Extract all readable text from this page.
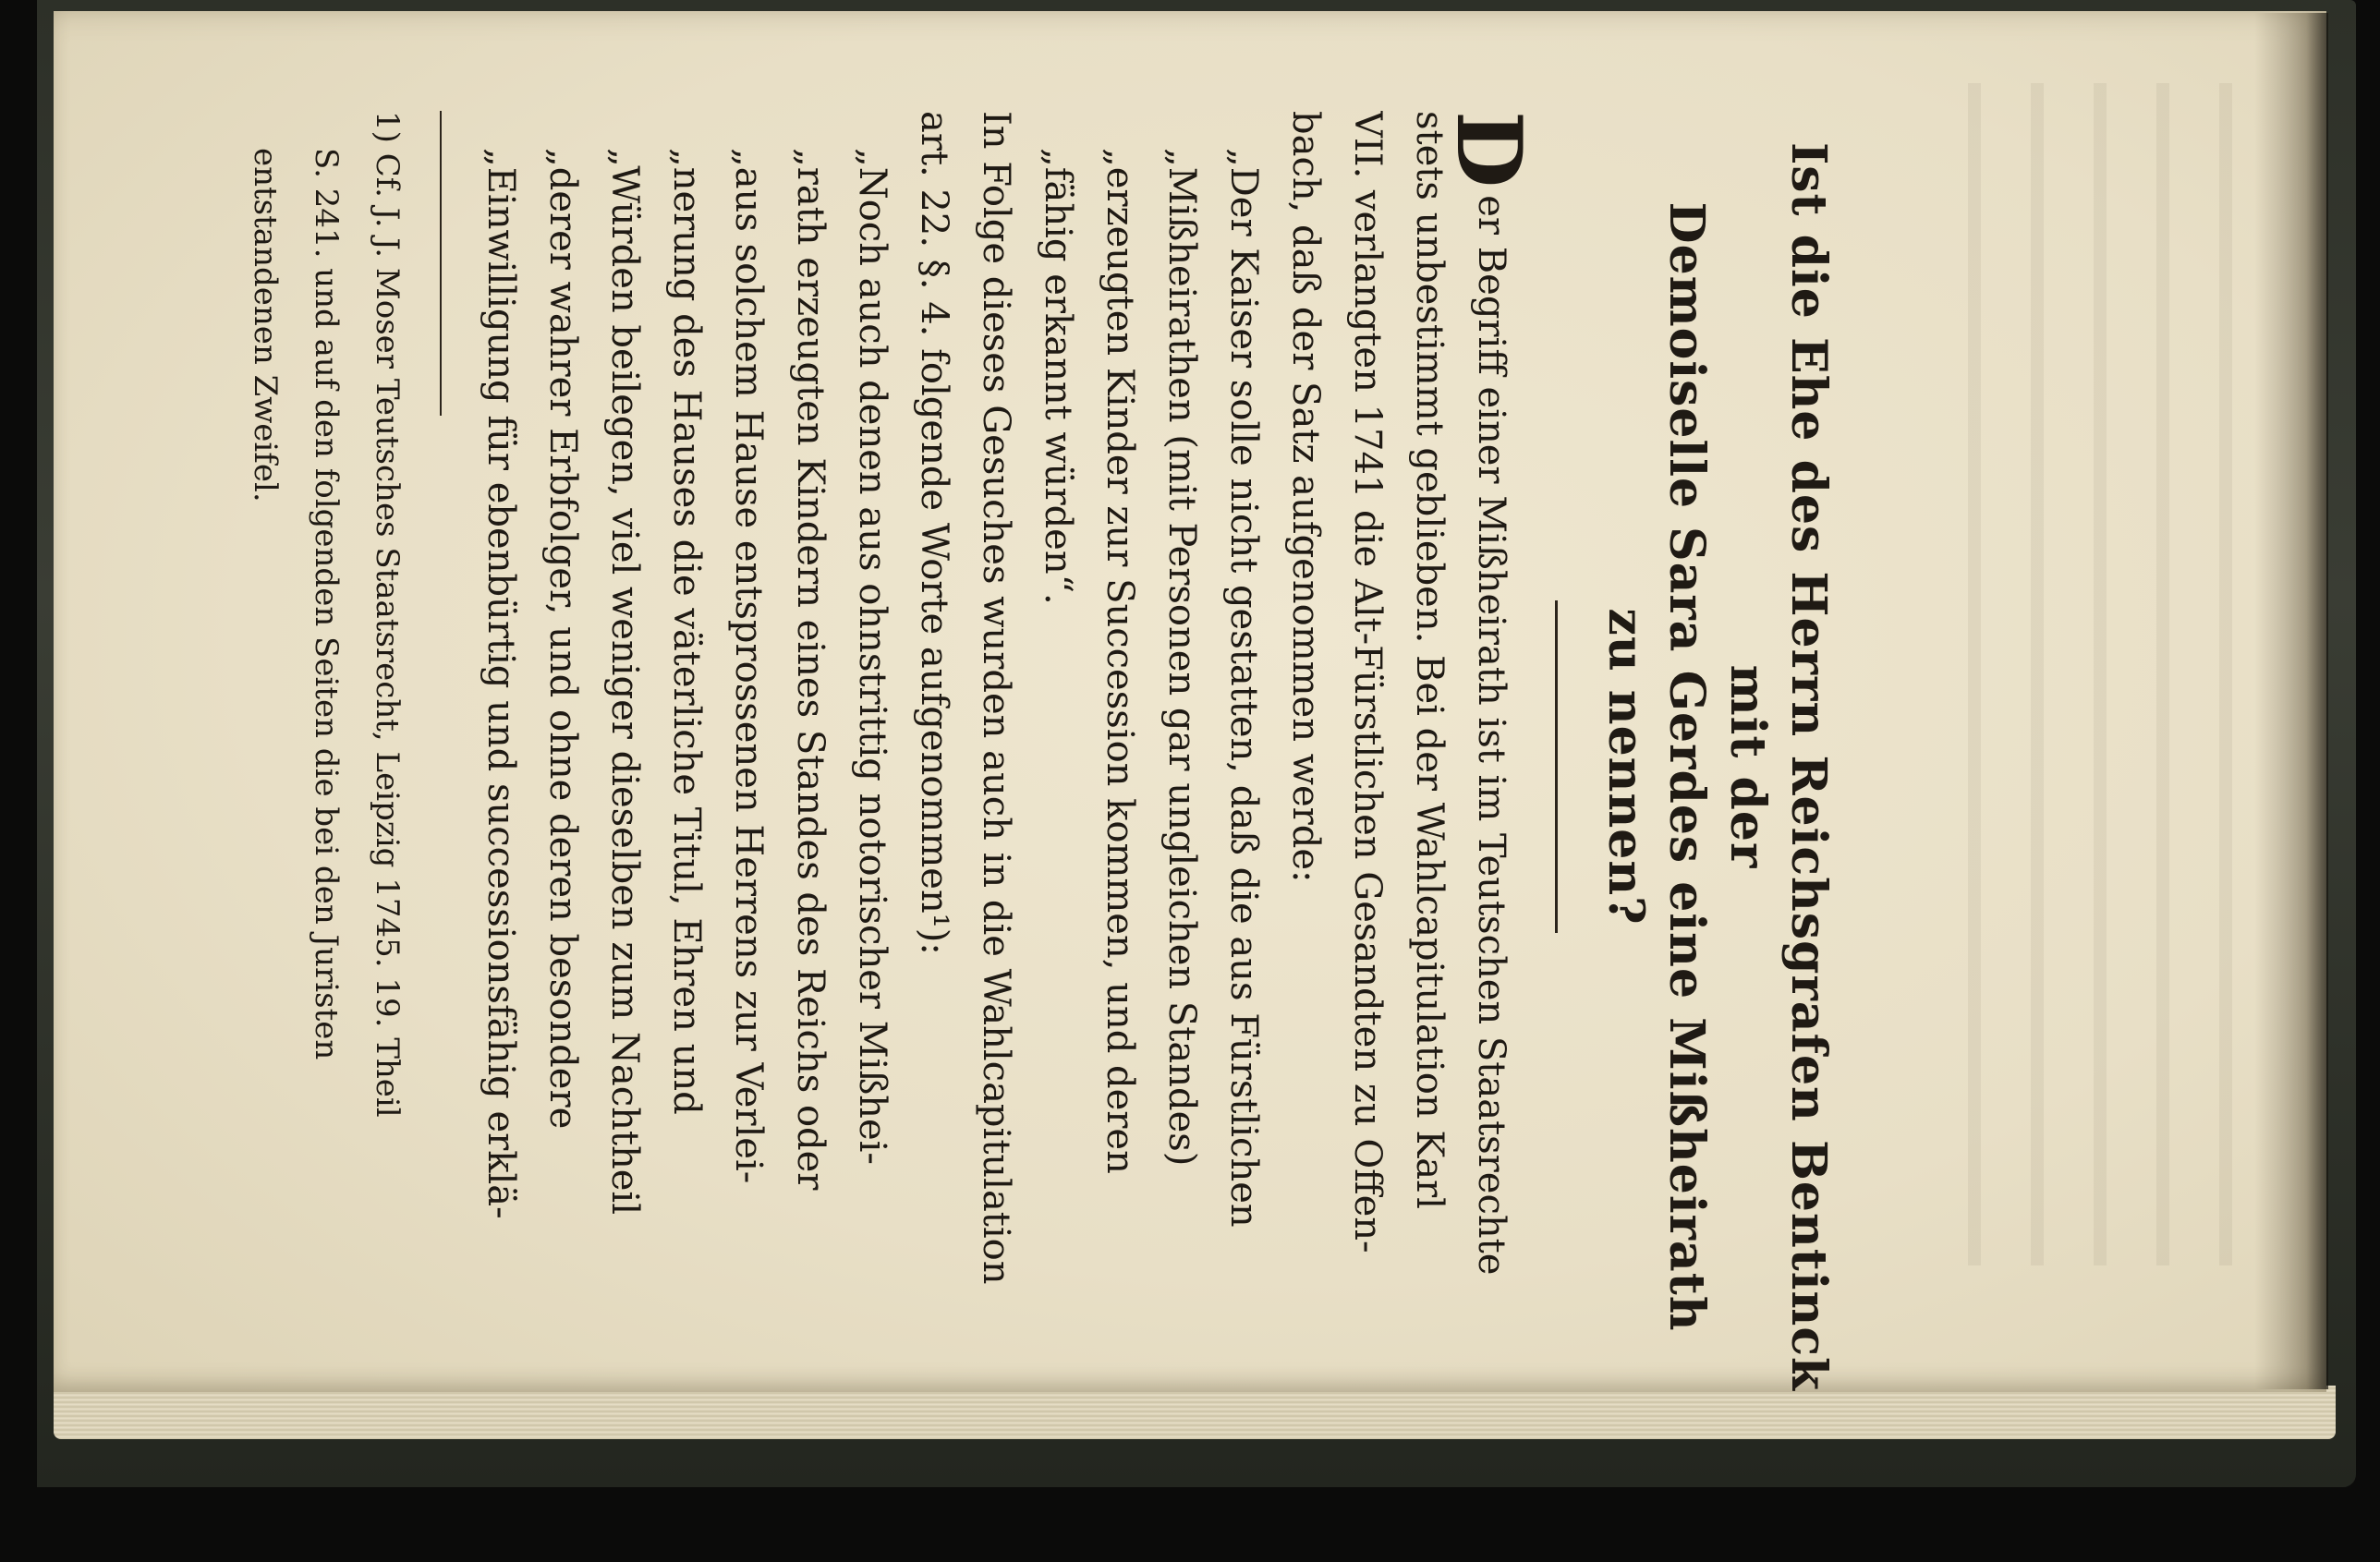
Ist die Ehe des Herrn Reichsgrafen Bentinck mit der
Demoiselle Sara Gerdes eine Mißheirath
zu nennen?
D
er Begriff einer Mißheirath ist im Teutschen Staatsrechte
stets unbestimmt geblieben. Bei der Wahlcapitulation Karl
VII. verlangten 1741 die Alt-Fürstlichen Gesandten zu Offen-
bach, daß der Satz aufgenommen werde:
„Der Kaiser solle nicht gestatten, daß die aus Fürstlichen
„Mißheirathen (mit Personen gar ungleichen Standes)
„erzeugten Kinder zur Succession kommen, und deren
„fähig erkannt würden“.
In Folge dieses Gesuches wurden auch in die Wahlcapitulation
art. 22. §. 4. folgende Worte aufgenommen¹):
„Noch auch denen aus ohnstrittig notorischer Mißhei-
„rath erzeugten Kindern eines Standes des Reichs oder
„aus solchem Hause entsprossenen Herrens zur Verlei-
„nerung des Hauses die väterliche Titul, Ehren und
„Würden beilegen, viel weniger dieselben zum Nachtheil
„derer wahrer Erbfolger, und ohne deren besondere
„Einwilligung für ebenbürtig und successionsfähig erklä-
1) Cf. J. J. Moser Teutsches Staatsrecht, Leipzig 1745. 19. Theil
S. 241. und auf den folgenden Seiten die bei den Juristen
entstandenen Zweifel.
